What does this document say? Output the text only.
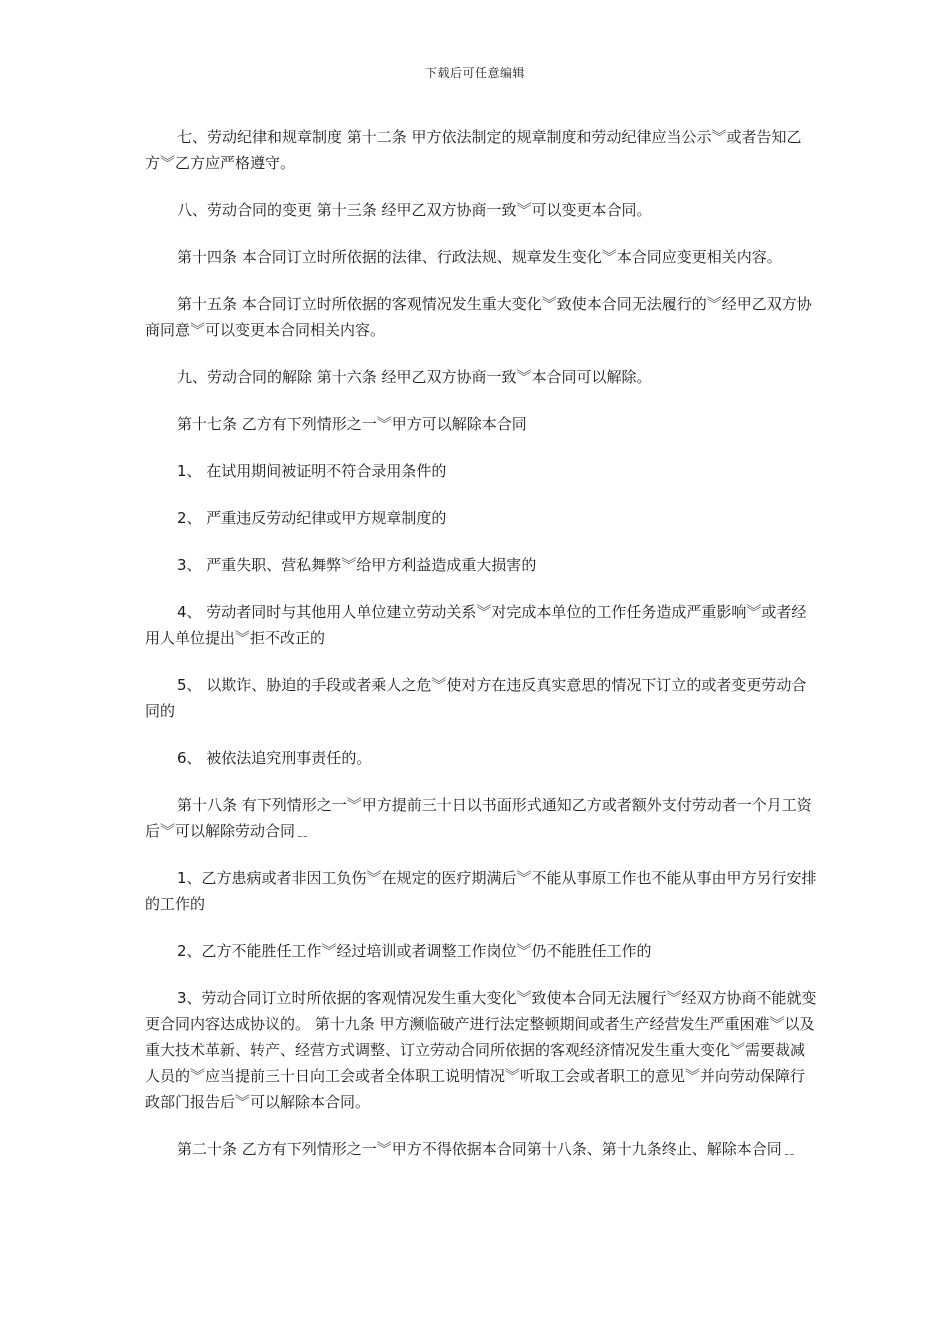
下载后可任意编辑

七、劳动纪律和规章制度 第十二条 甲方依法制定的规章制度和劳动纪律应当公示︾或者告知乙方︾乙方应严格遵守。

八、劳动合同的变更 第十三条 经甲乙双方协商一致︾可以变更本合同。

第十四条 本合同订立时所依据的法律、行政法规、规章发生变化︾本合同应变更相关内容。

第十五条 本合同订立时所依据的客观情况发生重大变化︾致使本合同无法履行的︾经甲乙双方协商同意︾可以变更本合同相关内容。

九、劳动合同的解除 第十六条 经甲乙双方协商一致︾本合同可以解除。

第十七条 乙方有下列情形之一︾甲方可以解除本合同

1、 在试用期间被证明不符合录用条件的

2、 严重违反劳动纪律或甲方规章制度的

3、 严重失职、营私舞弊︾给甲方利益造成重大损害的

4、 劳动者同时与其他用人单位建立劳动关系︾对完成本单位的工作任务造成严重影响︾或者经用人单位提出︾拒不改正的

5、 以欺诈、胁迫的手段或者乘人之危︾使对方在违反真实意思的情况下订立的或者变更劳动合同的

6、 被依法追究刑事责任的。

第十八条 有下列情形之一︾甲方提前三十日以书面形式通知乙方或者额外支付劳动者一个月工资后︾可以解除劳动合同﹎

1、乙方患病或者非因工负伤︾在规定的医疗期满后︾不能从事原工作也不能从事由甲方另行安排的工作的

2、乙方不能胜任工作︾经过培训或者调整工作岗位︾仍不能胜任工作的

3、劳动合同订立时所依据的客观情况发生重大变化︾致使本合同无法履行︾经双方协商不能就变更合同内容达成协议的。 第十九条 甲方濒临破产进行法定整顿期间或者生产经营发生严重困难︾以及重大技术革新、转产、经营方式调整、订立劳动合同所依据的客观经济情况发生重大变化︾需要裁减人员的︾应当提前三十日向工会或者全体职工说明情况︾听取工会或者职工的意见︾并向劳动保障行政部门报告后︾可以解除本合同。

第二十条 乙方有下列情形之一︾甲方不得依据本合同第十八条、第十九条终止、解除本合同﹎
